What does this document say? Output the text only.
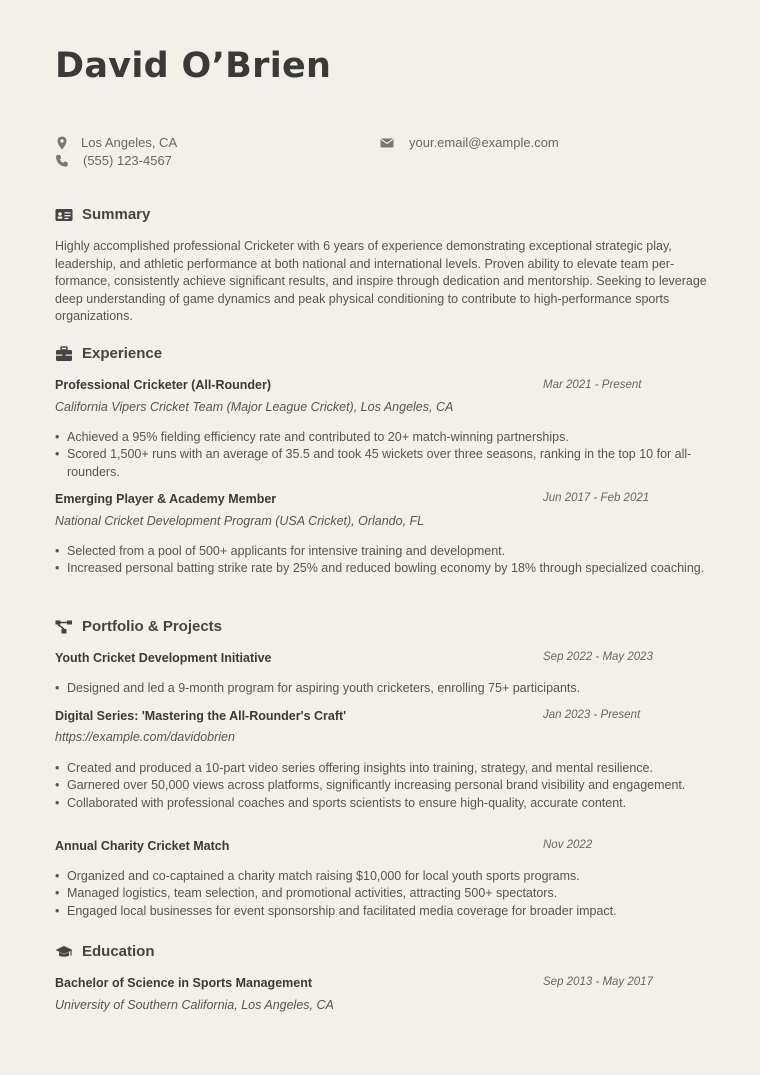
David O’Brien
Los Angeles, CA
(555) 123-4567
your.email@example.com
Summary

Highly accomplished professional Cricketer with 6 years of experience demonstrating exceptional strategic play, leadership, and athletic performance at both national and international levels. Proven ability to elevate team performance, consistently achieve significant results, and inspire through dedication and mentorship. Seeking to leverage deep understanding of game dynamics and peak physical conditioning to contribute to high-performance sports organizations.

Experience
Professional Cricketer (All-Rounder)	Mar 2021 - Present
California Vipers Cricket Team (Major League Cricket), Los Angeles, CA
• Achieved a 95% fielding efficiency rate and contributed to 20+ match-winning partnerships.
• Scored 1,500+ runs with an average of 35.5 and took 45 wickets over three seasons, ranking in the top 10 for all-rounders.
Emerging Player & Academy Member	Jun 2017 - Feb 2021
National Cricket Development Program (USA Cricket), Orlando, FL
• Selected from a pool of 500+ applicants for intensive training and development.
• Increased personal batting strike rate by 25% and reduced bowling economy by 18% through specialized coaching.
Portfolio & Projects
Youth Cricket Development Initiative	Sep 2022 - May 2023
• Designed and led a 9-month program for aspiring youth cricketers, enrolling 75+ participants.
Digital Series: 'Mastering the All-Rounder's Craft'	Jan 2023 - Present
https://example.com/davidobrien
• Created and produced a 10-part video series offering insights into training, strategy, and mental resilience.
• Garnered over 50,000 views across platforms, significantly increasing personal brand visibility and engagement.
• Collaborated with professional coaches and sports scientists to ensure high-quality, accurate content.
Annual Charity Cricket Match	Nov 2022
• Organized and co-captained a charity match raising $10,000 for local youth sports programs.
• Managed logistics, team selection, and promotional activities, attracting 500+ spectators.
• Engaged local businesses for event sponsorship and facilitated media coverage for broader impact.
Education
Bachelor of Science in Sports Management	Sep 2013 - May 2017
University of Southern California, Los Angeles, CA
